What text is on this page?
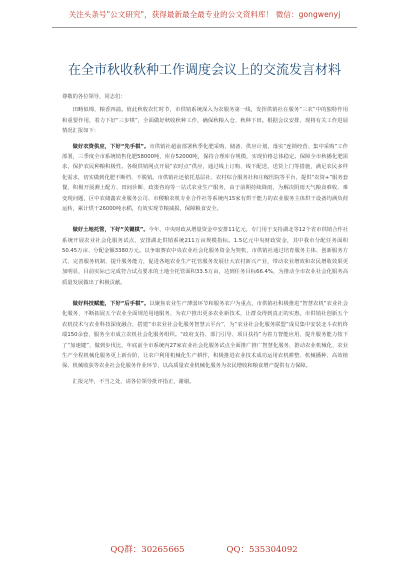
关注头条号"公文研究"，获得最新最全最专业的公文资料库！ 微信：gongwenyj
在全市秋收秋种工作调度会议上的交流发言材料

尊敬的各位领导，同志们：

田畴似锦，粮香四溢。值此秋收农忙时节，市供销系统深入为农服务第一线，发挥供销社在服务“三农”中的独特作用和重要作用，着力下好“三步棋”，全面做好秋收秋种工作，确保秋粮入仓、秋种下田。根据会议安排，现将有关工作进展情况汇报如下：

做好农资供应，下好“先手棋”。市供销社超前部署秋季化肥采购、储备、供应计划，落实“连锁经营、集中采购”工作部署，三季度全市系统销售化肥58000吨，库存52000吨，保持合理库存规模，实现价格总体稳定。保障全市秋播化肥需求，保护农民种粮积极性。各级供销网点开展“农时点”供应，通过线上订购、线下配送，送货上门等措施，满足农民多样化需求，切实做到化肥不断档、不脱销。市供销社还依托基层社、农村综合服务社和庄稼医院等平台，提供“农资+”服务套餐，积极开展测土配方、田间诊断、政策咨询等一站式农业生产服务，由于前期持续降雨，为解决阴雨天气粮食难收、难变现问题，区中农储鑫农业服务公司、市稷粮农机专业合作社等系统内15家有烘干能力的农业服务主体烘干设备均满负荷运转，累计烘干26000吨水稻，有效实现节粮减损，保障粮食安全。

做好土地托管，下好“关键棋”。今年，中央财政从增量资金中安排11亿元，专门用于支持湖北等12个省市供销合作社系统开展农业社会化服务试点，安排湖北供销系统211万亩规模指标。1.5亿元中央财政资金，其中我市分配任务面积50.45万亩、分配金额3380万元。以争取赛农中央农业社会化服务资金为契机，市供销社通过培育服务主体、创新服务方式、完善服务机制、提升服务能力，促进各地农业生产托管服务发展壮大农村新兴产业，带动农业增效和农民增收效果更加明显，目前实际已完成符合试点要求的土地全托管面积33.5万亩，达到任务目标66.4%，为推动全市农业社会化服务高质量发展做出了积极贡献。

做好科技赋能，下好“后手棋”。以聚焦农业生产薄弱环节和服务农户为重点，市供销社积极推进“智慧农机”农业社会化服务，不断拓展五个农业全面规范用地服务，为农户推出更多农业新技术，让群众得到真正的实惠。市供销社创新五个农机技术与农业科技深度融合，搭建“市农业社会化服务智慧云平台”，为“农业社会化服务联盟”成员集中安装北斗农机终端150余套，服务全市成立农机社会化服务组织。“政府支持、部门引导、项目扶持”为着力智能应用、提升服务能力按下了“加速键”，做到步伐比，年底前全市系统内27家农业社会化服务试点全面推广推广智慧化服务，推动农业机械化、农业生产全程机械化服务更上新台阶，让农户利用机械化生产耕作，积极推进农业技术成功运用农机耕整、机械播种、高效植保、机械收获等农业社会化服务作业环节，以高质量农业机械化服务为农民增收和粮食增产提供有力保障。

汇报完毕，不当之处，请各位领导批评指正，谢谢。

QQ群：30265665	QQ：535304092
